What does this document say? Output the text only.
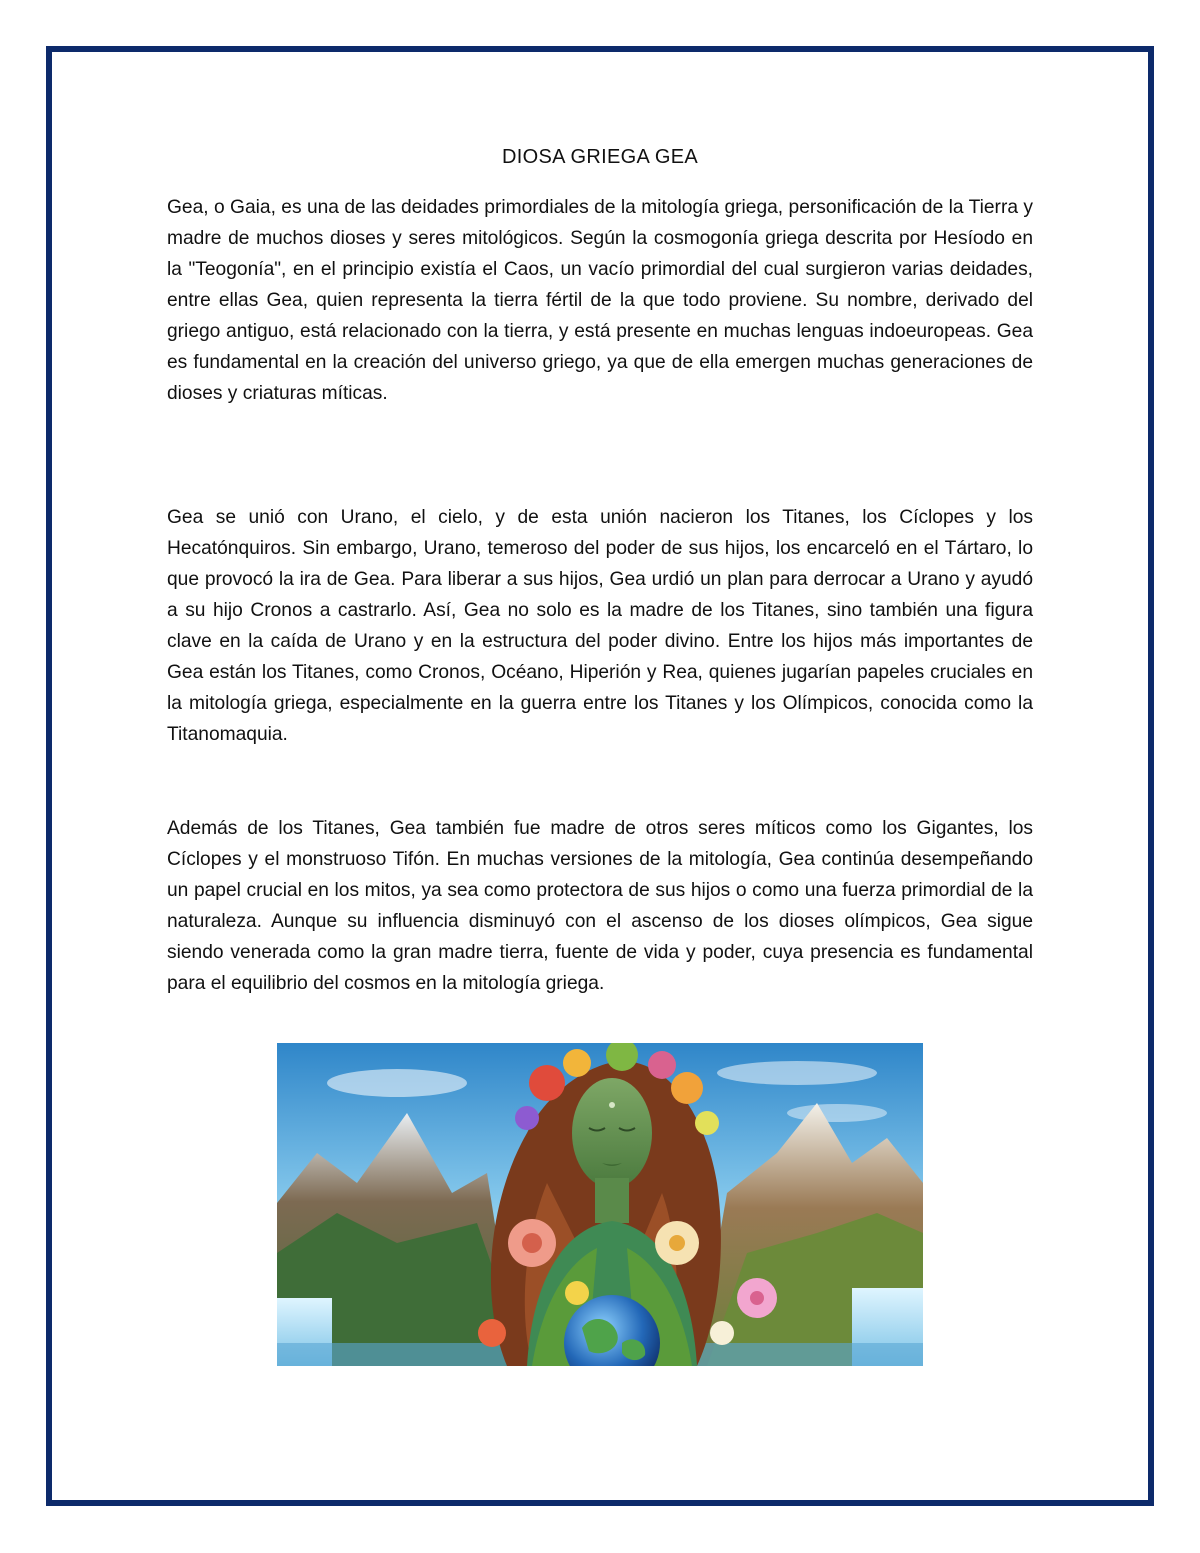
DIOSA GRIEGA GEA

Gea, o Gaia, es una de las deidades primordiales de la mitología griega, personificación de la Tierra y madre de muchos dioses y seres mitológicos. Según la cosmogonía griega descrita por Hesíodo en la "Teogonía", en el principio existía el Caos, un vacío primordial del cual surgieron varias deidades, entre ellas Gea, quien representa la tierra fértil de la que todo proviene. Su nombre, derivado del griego antiguo, está relacionado con la tierra, y está presente en muchas lenguas indoeuropeas. Gea es fundamental en la creación del universo griego, ya que de ella emergen muchas generaciones de dioses y criaturas míticas.

Gea se unió con Urano, el cielo, y de esta unión nacieron los Titanes, los Cíclopes y los Hecatónquiros. Sin embargo, Urano, temeroso del poder de sus hijos, los encarceló en el Tártaro, lo que provocó la ira de Gea. Para liberar a sus hijos, Gea urdió un plan para derrocar a Urano y ayudó a su hijo Cronos a castrarlo. Así, Gea no solo es la madre de los Titanes, sino también una figura clave en la caída de Urano y en la estructura del poder divino. Entre los hijos más importantes de Gea están los Titanes, como Cronos, Océano, Hiperión y Rea, quienes jugarían papeles cruciales en la mitología griega, especialmente en la guerra entre los Titanes y los Olímpicos, conocida como la Titanomaquia.

Además de los Titanes, Gea también fue madre de otros seres míticos como los Gigantes, los Cíclopes y el monstruoso Tifón. En muchas versiones de la mitología, Gea continúa desempeñando un papel crucial en los mitos, ya sea como protectora de sus hijos o como una fuerza primordial de la naturaleza. Aunque su influencia disminuyó con el ascenso de los dioses olímpicos, Gea sigue siendo venerada como la gran madre tierra, fuente de vida y poder, cuya presencia es fundamental para el equilibrio del cosmos en la mitología griega.
